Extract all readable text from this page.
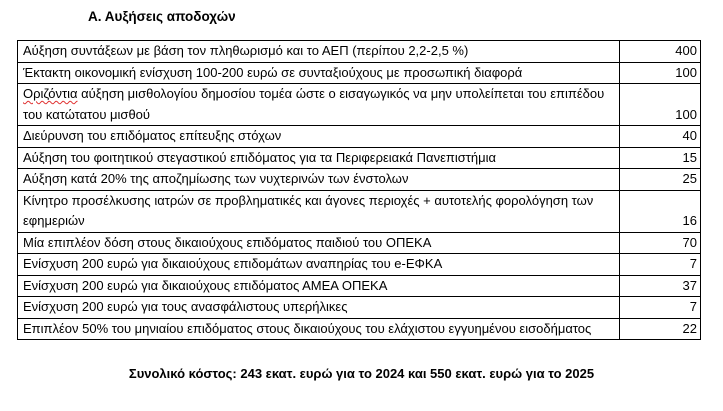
Α. Αυξήσεις αποδοχών
Αύξηση συντάξεων με βάση τον πληθωρισμό και το ΑΕΠ (περίπου 2,2-2,5 %)	400
Έκτακτη οικονομική ενίσχυση 100-200 ευρώ σε συνταξιούχους με προσωπική διαφορά	100
Οριζόντια αύξηση μισθολογίου δημοσίου τομέα ώστε ο εισαγωγικός να μην υπολείπεται του επιπέδου του κατώτατου μισθού	100
Διεύρυνση του επιδόματος επίτευξης στόχων	40
Αύξηση του φοιτητικού στεγαστικού επιδόματος για τα Περιφερειακά Πανεπιστήμια	15
Αύξηση κατά 20% της αποζημίωσης των νυχτερινών των ένστολων	25
Κίνητρο προσέλκυσης ιατρών σε προβληματικές και άγονες περιοχές + αυτοτελής φορολόγηση των εφημεριών	16
Μία επιπλέον δόση στους δικαιούχους επιδόματος παιδιού του ΟΠΕΚΑ	70
Ενίσχυση 200 ευρώ για δικαιούχους επιδομάτων αναπηρίας του e-ΕΦΚΑ	7
Ενίσχυση 200 ευρώ για δικαιούχους επιδόματος ΑΜΕΑ ΟΠΕΚΑ	37
Ενίσχυση 200 ευρώ για τους ανασφάλιστους υπερήλικες	7
Επιπλέον 50% του μηνιαίου επιδόματος στους δικαιούχους του ελάχιστου εγγυημένου εισοδήματος	22
Συνολικό κόστος: 243 εκατ. ευρώ για το 2024 και 550 εκατ. ευρώ για το 2025
